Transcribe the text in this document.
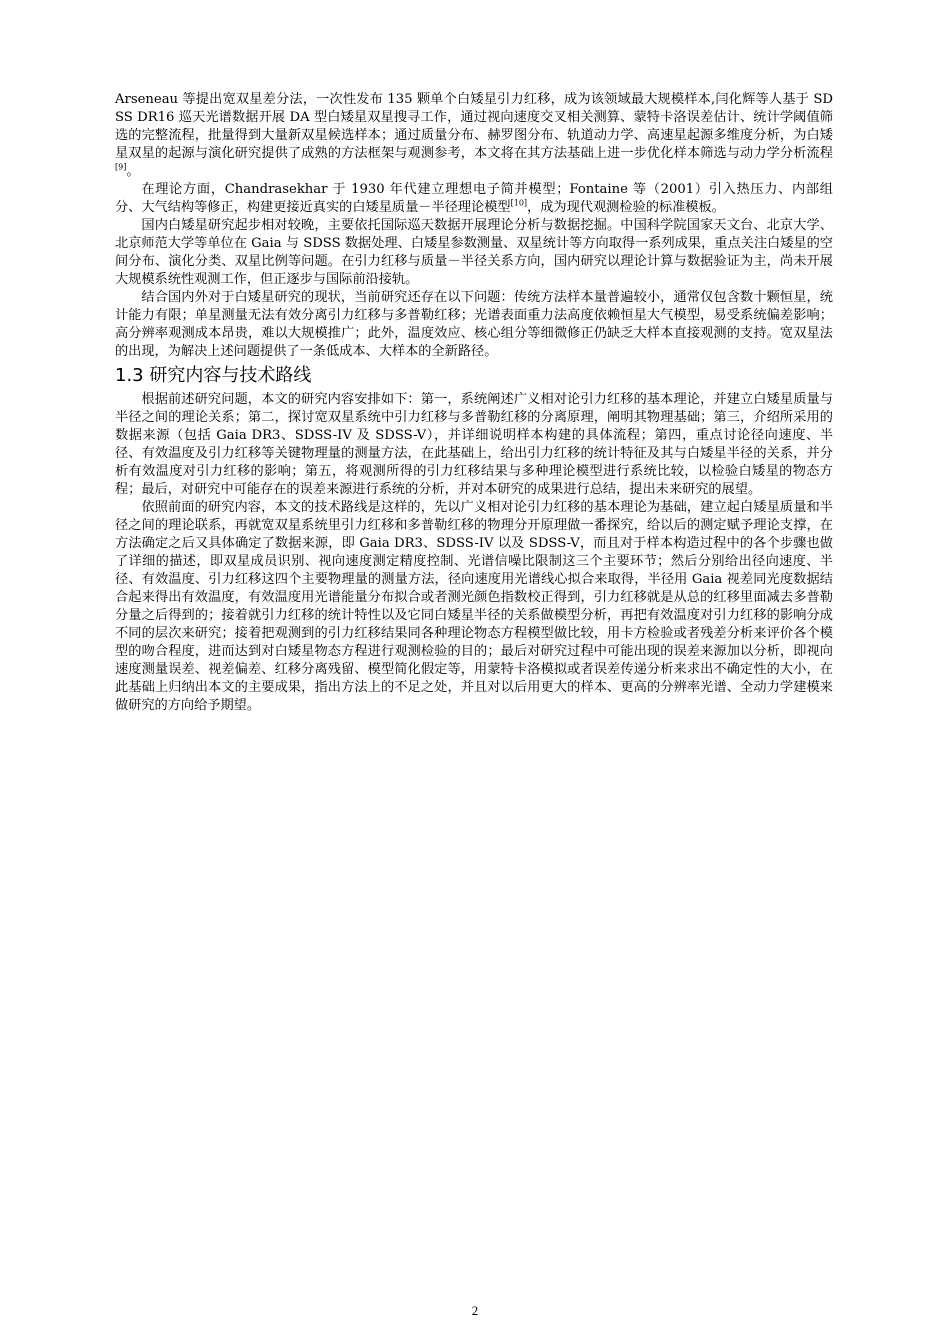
Arseneau 等提出宽双星差分法，一次性发布 135 颗单个白矮星引力红移，成为该领域最大规模样本,闫化辉等人基于 SDSS DR16 巡天光谱数据开展 DA 型白矮星双星搜寻工作，通过视向速度交叉相关测算、蒙特卡洛误差估计、统计学阈值筛选的完整流程，批量得到大量新双星候选样本；通过质量分布、赫罗图分布、轨道动力学、高速星起源多维度分析，为白矮星双星的起源与演化研究提供了成熟的方法框架与观测参考，本文将在其方法基础上进一步优化样本筛选与动力学分析流程[9]。

在理论方面，Chandrasekhar 于 1930 年代建立理想电子简并模型；Fontaine 等（2001）引入热压力、内部组分、大气结构等修正，构建更接近真实的白矮星质量－半径理论模型[10]，成为现代观测检验的标准模板。

国内白矮星研究起步相对较晚，主要依托国际巡天数据开展理论分析与数据挖掘。中国科学院国家天文台、北京大学、北京师范大学等单位在 Gaia 与 SDSS 数据处理、白矮星参数测量、双星统计等方向取得一系列成果，重点关注白矮星的空间分布、演化分类、双星比例等问题。在引力红移与质量－半径关系方向，国内研究以理论计算与数据验证为主，尚未开展大规模系统性观测工作，但正逐步与国际前沿接轨。

结合国内外对于白矮星研究的现状，当前研究还存在以下问题：传统方法样本量普遍较小，通常仅包含数十颗恒星，统计能力有限；单星测量无法有效分离引力红移与多普勒红移；光谱表面重力法高度依赖恒星大气模型，易受系统偏差影响；高分辨率观测成本昂贵，难以大规模推广；此外，温度效应、核心组分等细微修正仍缺乏大样本直接观测的支持。宽双星法的出现，为解决上述问题提供了一条低成本、大样本的全新路径。

1.3 研究内容与技术路线

根据前述研究问题，本文的研究内容安排如下：第一，系统阐述广义相对论引力红移的基本理论，并建立白矮星质量与半径之间的理论关系；第二，探讨宽双星系统中引力红移与多普勒红移的分离原理，阐明其物理基础；第三，介绍所采用的数据来源（包括 Gaia DR3、SDSS-IV 及 SDSS-V），并详细说明样本构建的具体流程；第四，重点讨论径向速度、半径、有效温度及引力红移等关键物理量的测量方法，在此基础上，给出引力红移的统计特征及其与白矮星半径的关系，并分析有效温度对引力红移的影响；第五，将观测所得的引力红移结果与多种理论模型进行系统比较，以检验白矮星的物态方程；最后，对研究中可能存在的误差来源进行系统的分析，并对本研究的成果进行总结，提出未来研究的展望。

依照前面的研究内容，本文的技术路线是这样的，先以广义相对论引力红移的基本理论为基础，建立起白矮星质量和半径之间的理论联系，再就宽双星系统里引力红移和多普勒红移的物理分开原理做一番探究，给以后的测定赋予理论支撑，在方法确定之后又具体确定了数据来源，即 Gaia DR3、SDSS-IV 以及 SDSS-V，而且对于样本构造过程中的各个步骤也做了详细的描述，即双星成员识别、视向速度测定精度控制、光谱信噪比限制这三个主要环节；然后分别给出径向速度、半径、有效温度、引力红移这四个主要物理量的测量方法，径向速度用光谱线心拟合来取得，半径用 Gaia 视差同光度数据结合起来得出有效温度，有效温度用光谱能量分布拟合或者测光颜色指数校正得到，引力红移就是从总的红移里面减去多普勒分量之后得到的；接着就引力红移的统计特性以及它同白矮星半径的关系做模型分析，再把有效温度对引力红移的影响分成不同的层次来研究；接着把观测到的引力红移结果同各种理论物态方程模型做比较，用卡方检验或者残差分析来评价各个模型的吻合程度，进而达到对白矮星物态方程进行观测检验的目的；最后对研究过程中可能出现的误差来源加以分析，即视向速度测量误差、视差偏差、红移分离残留、模型简化假定等，用蒙特卡洛模拟或者误差传递分析来求出不确定性的大小，在此基础上归纳出本文的主要成果，指出方法上的不足之处，并且对以后用更大的样本、更高的分辨率光谱、全动力学建模来做研究的方向给予期望。

2
